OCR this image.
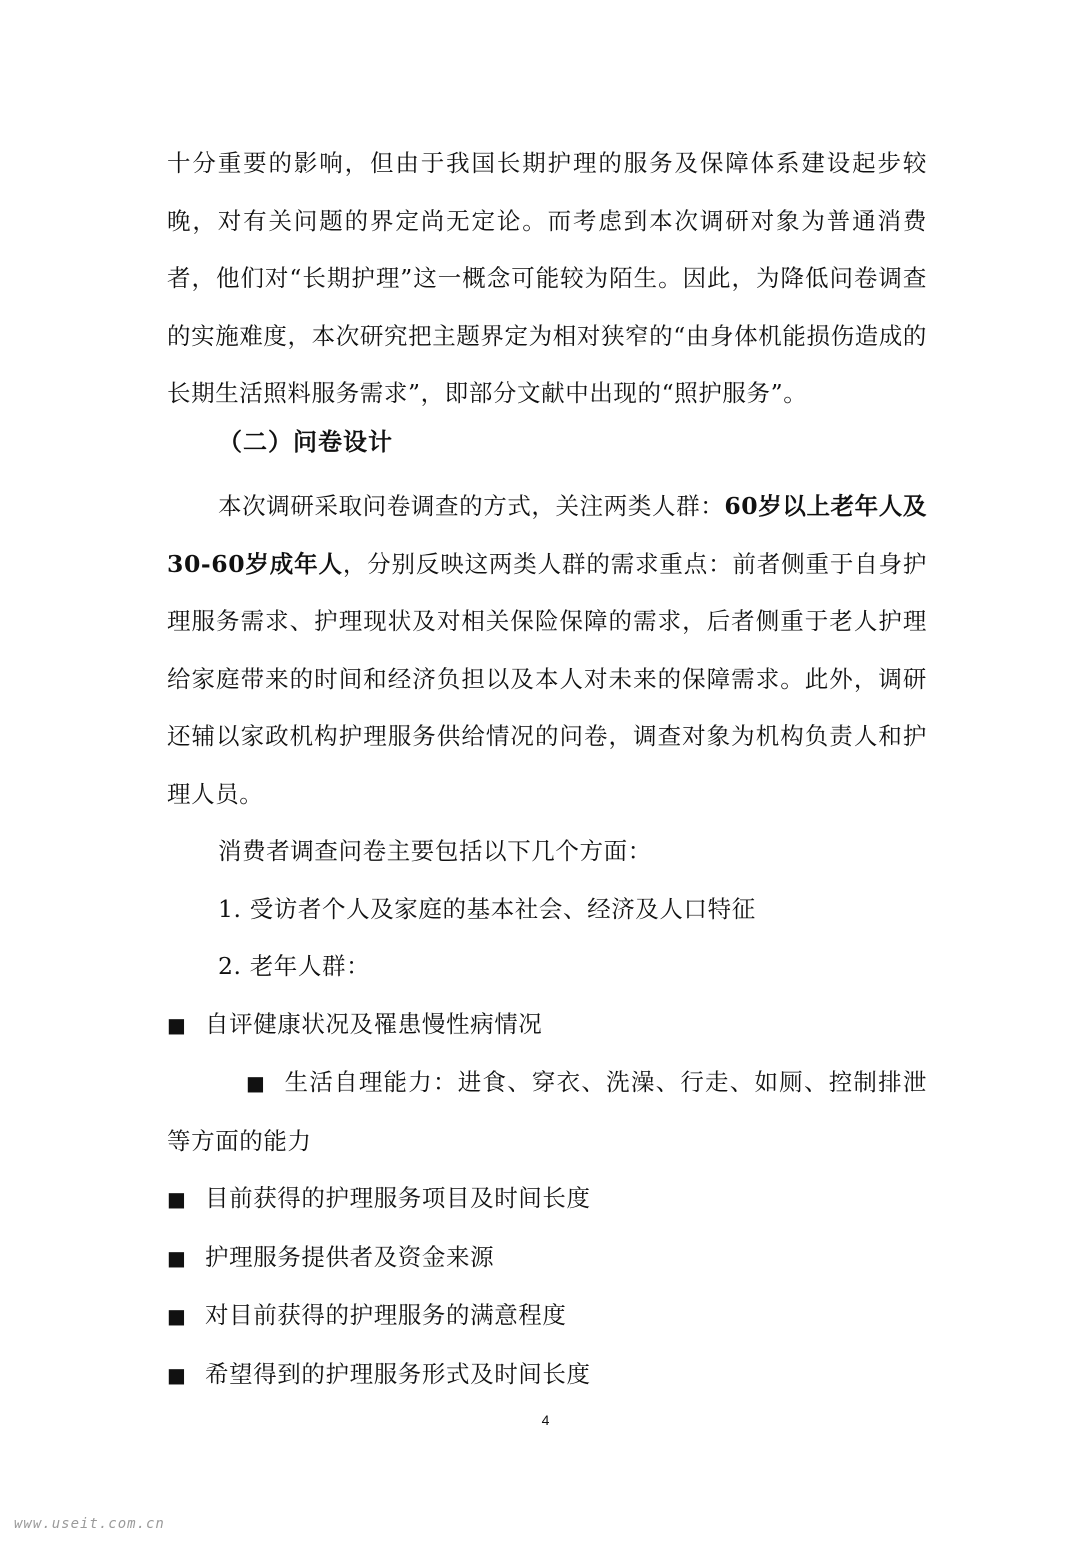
十分重要的影响，但由于我国长期护理的服务及保障体系建设起步较晚，对有关问题的界定尚无定论。而考虑到本次调研对象为普通消费者，他们对“长期护理”这一概念可能较为陌生。因此，为降低问卷调查的实施难度，本次研究把主题界定为相对狭窄的“由身体机能损伤造成的长期生活照料服务需求”，即部分文献中出现的“照护服务”。

（二）问卷设计

本次调研采取问卷调查的方式，关注两类人群：60岁以上老年人及30-60岁成年人，分别反映这两类人群的需求重点：前者侧重于自身护理服务需求、护理现状及对相关保险保障的需求，后者侧重于老人护理给家庭带来的时间和经济负担以及本人对未来的保障需求。此外，调研还辅以家政机构护理服务供给情况的问卷，调查对象为机构负责人和护理人员。

消费者调查问卷主要包括以下几个方面：

1. 受访者个人及家庭的基本社会、经济及人口特征

2. 老年人群：

■ 自评健康状况及罹患慢性病情况

■ 生活自理能力：进食、穿衣、洗澡、行走、如厕、控制排泄等方面的能力

■ 目前获得的护理服务项目及时间长度

■ 护理服务提供者及资金来源

■ 对目前获得的护理服务的满意程度

■ 希望得到的护理服务形式及时间长度

4
www.useit.com.cn
